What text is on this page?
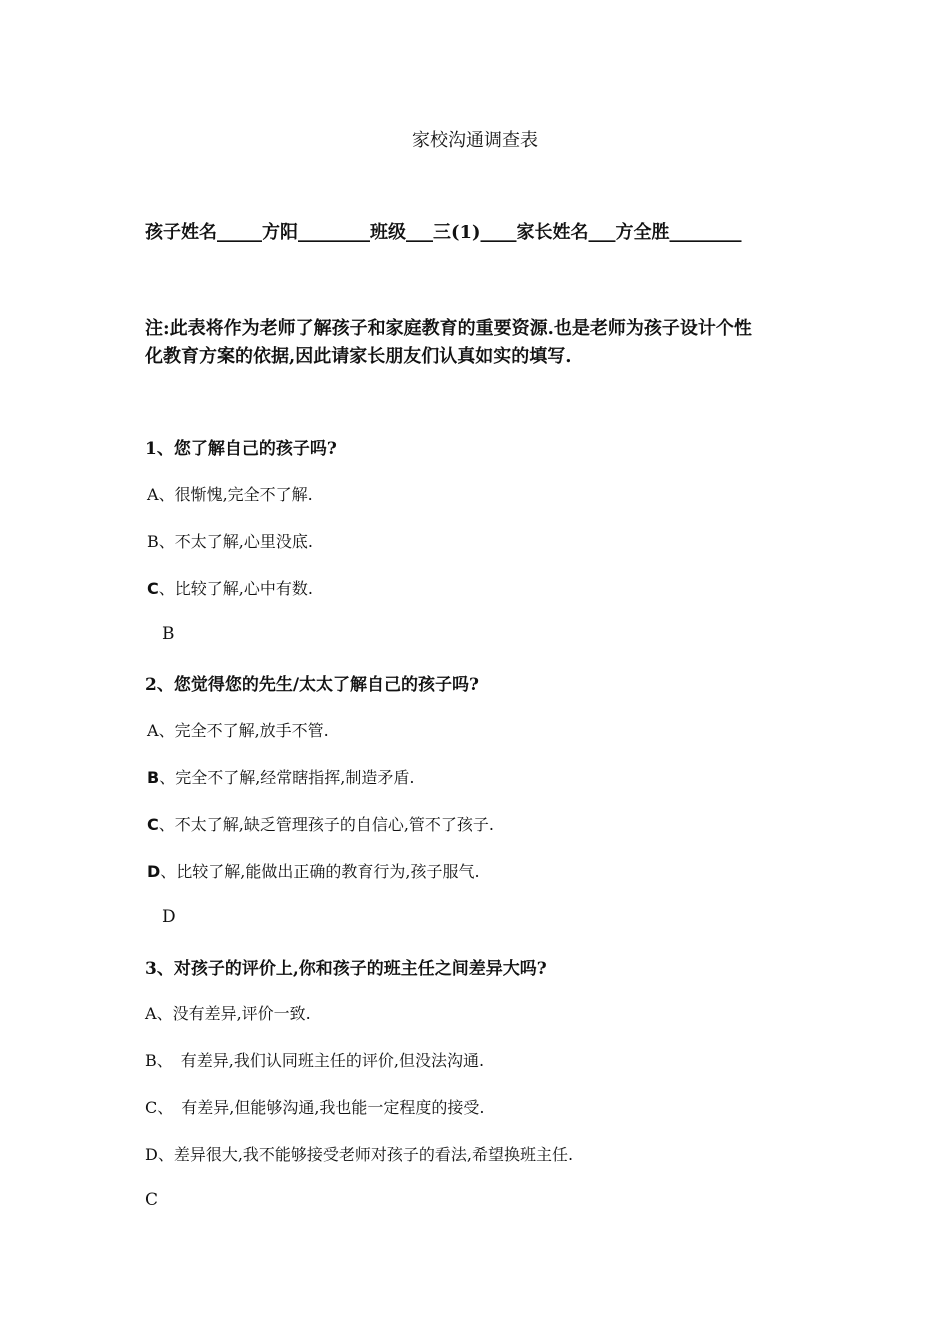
家校沟通调查表
孩子姓名_____方阳________班级___三(1)____家长姓名___方全胜________
注:此表将作为老师了解孩子和家庭教育的重要资源.也是老师为孩子设计个性
化教育方案的依据,因此请家长朋友们认真如实的填写.
1、您了解自己的孩子吗?
A、很惭愧,完全不了解.
B、不太了解,心里没底.
C、比较了解,心中有数.
B
2、您觉得您的先生/太太了解自己的孩子吗?
A、完全不了解,放手不管.
B、完全不了解,经常瞎指挥,制造矛盾.
C、不太了解,缺乏管理孩子的自信心,管不了孩子.
D、比较了解,能做出正确的教育行为,孩子服气.
D
3、对孩子的评价上,你和孩子的班主任之间差异大吗?
A、没有差异,评价一致.
B、　有差异,我们认同班主任的评价,但没法沟通.
C、　有差异,但能够沟通,我也能一定程度的接受.
D、差异很大,我不能够接受老师对孩子的看法,希望换班主任.
C
